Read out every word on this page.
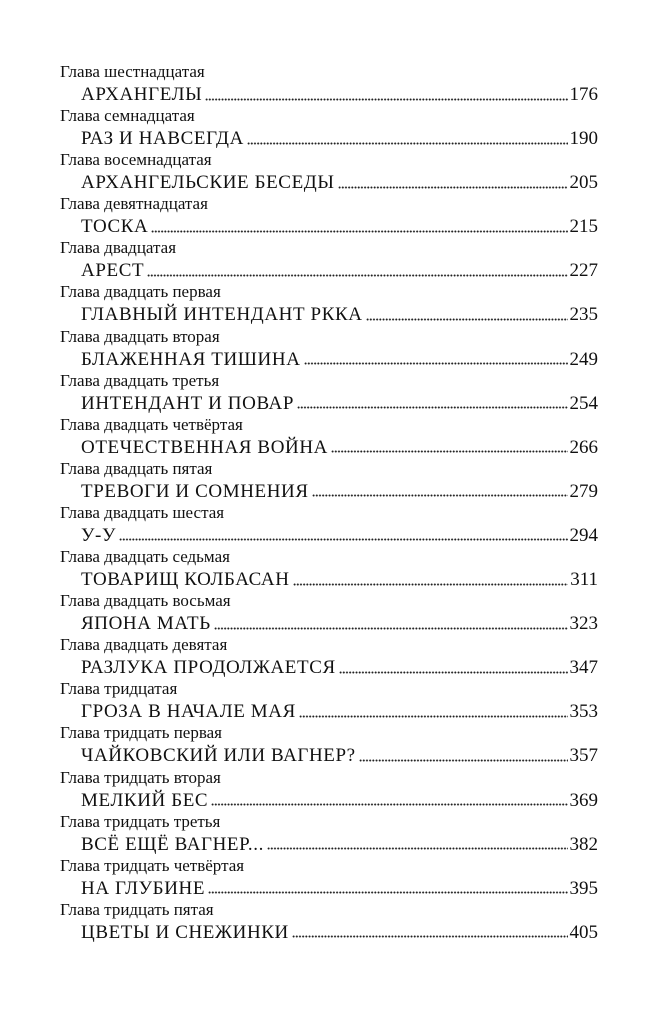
Глава шестнадцатая
АРХАНГЕЛЫ	176
Глава семнадцатая
РАЗ И НАВСЕГДА	190
Глава восемнадцатая
АРХАНГЕЛЬСКИЕ БЕСЕДЫ	205
Глава девятнадцатая
ТОСКА	215
Глава двадцатая
АРЕСТ	227
Глава двадцать первая
ГЛАВНЫЙ ИНТЕНДАНТ РККА	235
Глава двадцать вторая
БЛАЖЕННАЯ ТИШИНА	249
Глава двадцать третья
ИНТЕНДАНТ И ПОВАР	254
Глава двадцать четвёртая
ОТЕЧЕСТВЕННАЯ ВОЙНА	266
Глава двадцать пятая
ТРЕВОГИ И СОМНЕНИЯ	279
Глава двадцать шестая
У-У	294
Глава двадцать седьмая
ТОВАРИЩ КОЛБАСАН	311
Глава двадцать восьмая
ЯПОНА МАТЬ	323
Глава двадцать девятая
РАЗЛУКА ПРОДОЛЖАЕТСЯ	347
Глава тридцатая
ГРОЗА В НАЧАЛЕ МАЯ	353
Глава тридцать первая
ЧАЙКОВСКИЙ ИЛИ ВАГНЕР?	357
Глава тридцать вторая
МЕЛКИЙ БЕС	369
Глава тридцать третья
ВСЁ ЕЩЁ ВАГНЕР...	382
Глава тридцать четвёртая
НА ГЛУБИНЕ	395
Глава тридцать пятая
ЦВЕТЫ И СНЕЖИНКИ	405
